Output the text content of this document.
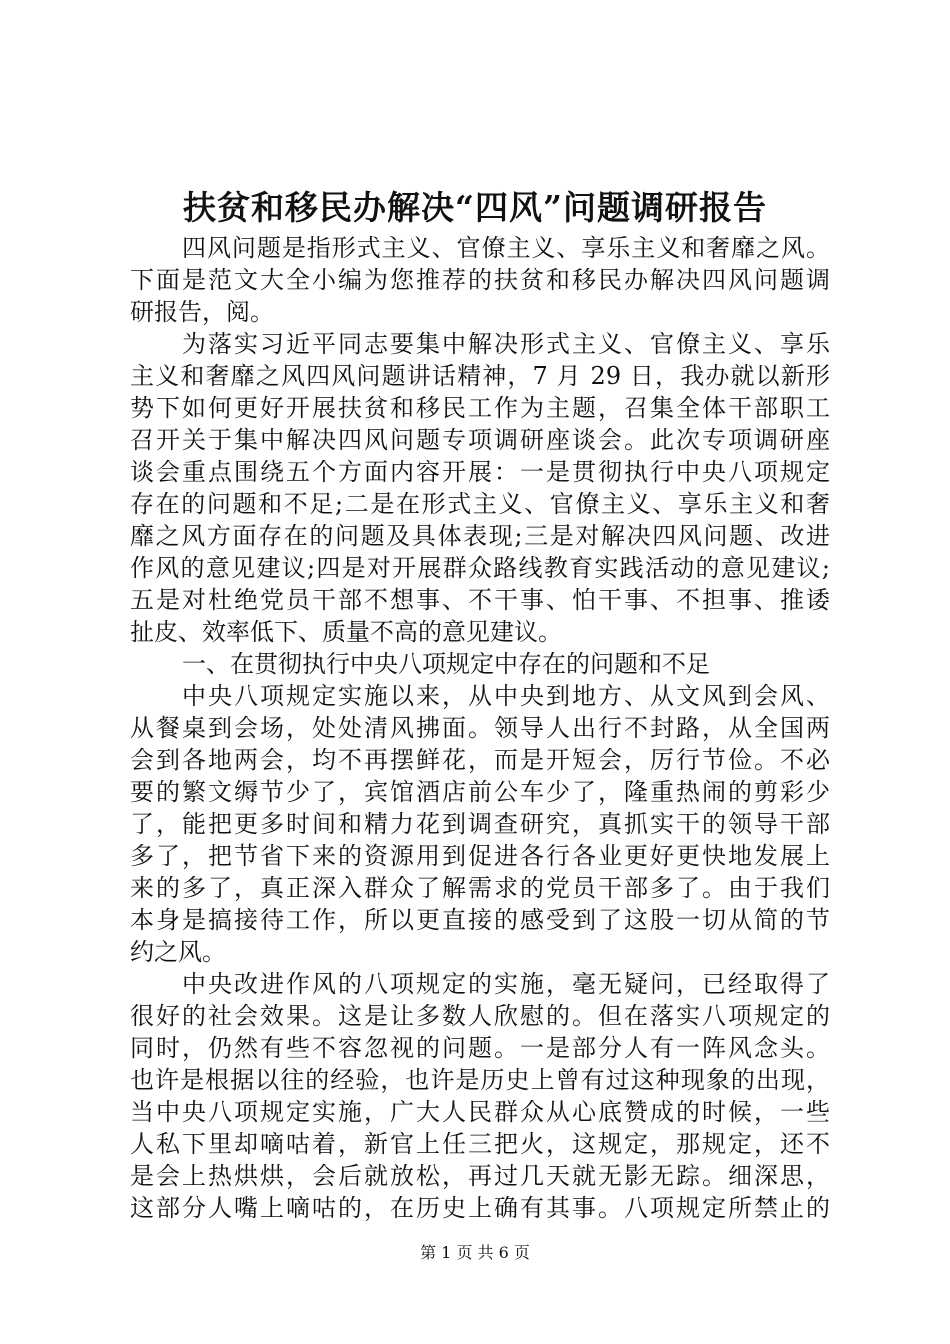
扶贫和移民办解决“四风”问题调研报告
四风问题是指形式主义、官僚主义、享乐主义和奢靡之风。
下面是范文大全小编为您推荐的扶贫和移民办解决四风问题调
研报告，阅。
为落实习近平同志要集中解决形式主义、官僚主义、享乐
主义和奢靡之风四风问题讲话精神，7 月 29 日，我办就以新形
势下如何更好开展扶贫和移民工作为主题，召集全体干部职工
召开关于集中解决四风问题专项调研座谈会。此次专项调研座
谈会重点围绕五个方面内容开展：一是贯彻执行中央八项规定
存在的问题和不足;二是在形式主义、官僚主义、享乐主义和奢
靡之风方面存在的问题及具体表现;三是对解决四风问题、改进
作风的意见建议;四是对开展群众路线教育实践活动的意见建议;
五是对杜绝党员干部不想事、不干事、怕干事、不担事、推诿
扯皮、效率低下、质量不高的意见建议。
一、在贯彻执行中央八项规定中存在的问题和不足
中央八项规定实施以来，从中央到地方、从文风到会风、
从餐桌到会场，处处清风拂面。领导人出行不封路，从全国两
会到各地两会，均不再摆鲜花，而是开短会，厉行节俭。不必
要的繁文缛节少了，宾馆酒店前公车少了，隆重热闹的剪彩少
了，能把更多时间和精力花到调查研究，真抓实干的领导干部
多了，把节省下来的资源用到促进各行各业更好更快地发展上
来的多了，真正深入群众了解需求的党员干部多了。由于我们
本身是搞接待工作，所以更直接的感受到了这股一切从简的节
约之风。
中央改进作风的八项规定的实施，毫无疑问，已经取得了
很好的社会效果。这是让多数人欣慰的。但在落实八项规定的
同时，仍然有些不容忽视的问题。一是部分人有一阵风念头。
也许是根据以往的经验，也许是历史上曾有过这种现象的出现，
当中央八项规定实施，广大人民群众从心底赞成的时候，一些
人私下里却嘀咕着，新官上任三把火，这规定，那规定，还不
是会上热烘烘，会后就放松，再过几天就无影无踪。细深思，
这部分人嘴上嘀咕的，在历史上确有其事。八项规定所禁止的
第 1 页 共 6 页
